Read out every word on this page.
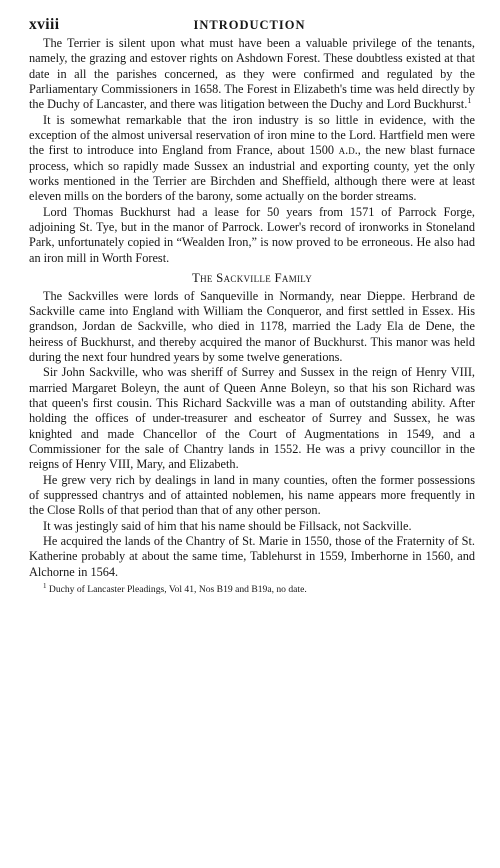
xviii	INTRODUCTION

The Terrier is silent upon what must have been a valuable privilege of the tenants, namely, the grazing and estover rights on Ashdown Forest. These doubtless existed at that date in all the parishes concerned, as they were confirmed and regulated by the Parliamentary Commissioners in 1658. The Forest in Elizabeth's time was held directly by the Duchy of Lancaster, and there was litigation between the Duchy and Lord Buckhurst.$^1$

It is somewhat remarkable that the iron industry is so little in evidence, with the exception of the almost universal reservation of iron mine to the Lord. Hartfield men were the first to introduce into England from France, about 1500 a.d., the new blast furnace process, which so rapidly made Sussex an industrial and exporting county, yet the only works mentioned in the Terrier are Birchden and Sheffield, although there were at least eleven mills on the borders of the barony, some actually on the border streams.

Lord Thomas Buckhurst had a lease for 50 years from 1571 of Parrock Forge, adjoining St. Tye, but in the manor of Parrock. Lower's record of ironworks in Stoneland Park, unfortunately copied in “Wealden Iron,” is now proved to be erroneous. He also had an iron mill in Worth Forest.

The Sackville Family

The Sackvilles were lords of Sanqueville in Normandy, near Dieppe. Herbrand de Sackville came into England with William the Conqueror, and first settled in Essex. His grandson, Jordan de Sackville, who died in 1178, married the Lady Ela de Dene, the heiress of Buckhurst, and thereby acquired the manor of Buckhurst. This manor was held during the next four hundred years by some twelve generations.

Sir John Sackville, who was sheriff of Surrey and Sussex in the reign of Henry VIII, married Margaret Boleyn, the aunt of Queen Anne Boleyn, so that his son Richard was that queen's first cousin. This Richard Sackville was a man of outstanding ability. After holding the offices of under-treasurer and escheator of Surrey and Sussex, he was knighted and made Chancellor of the Court of Augmentations in 1549, and a Commissioner for the sale of Chantry lands in 1552. He was a privy councillor in the reigns of Henry VIII, Mary, and Elizabeth.

He grew very rich by dealings in land in many counties, often the former possessions of suppressed chantrys and of attainted noblemen, his name appears more frequently in the Close Rolls of that period than that of any other person.

It was jestingly said of him that his name should be Fillsack, not Sackville.

He acquired the lands of the Chantry of St. Marie in 1550, those of the Fraternity of St. Katherine probably at about the same time, Tablehurst in 1559, Imberhorne in 1560, and Alchorne in 1564.

$^1$ Duchy of Lancaster Pleadings, Vol 41, Nos B19 and B19a, no date.
